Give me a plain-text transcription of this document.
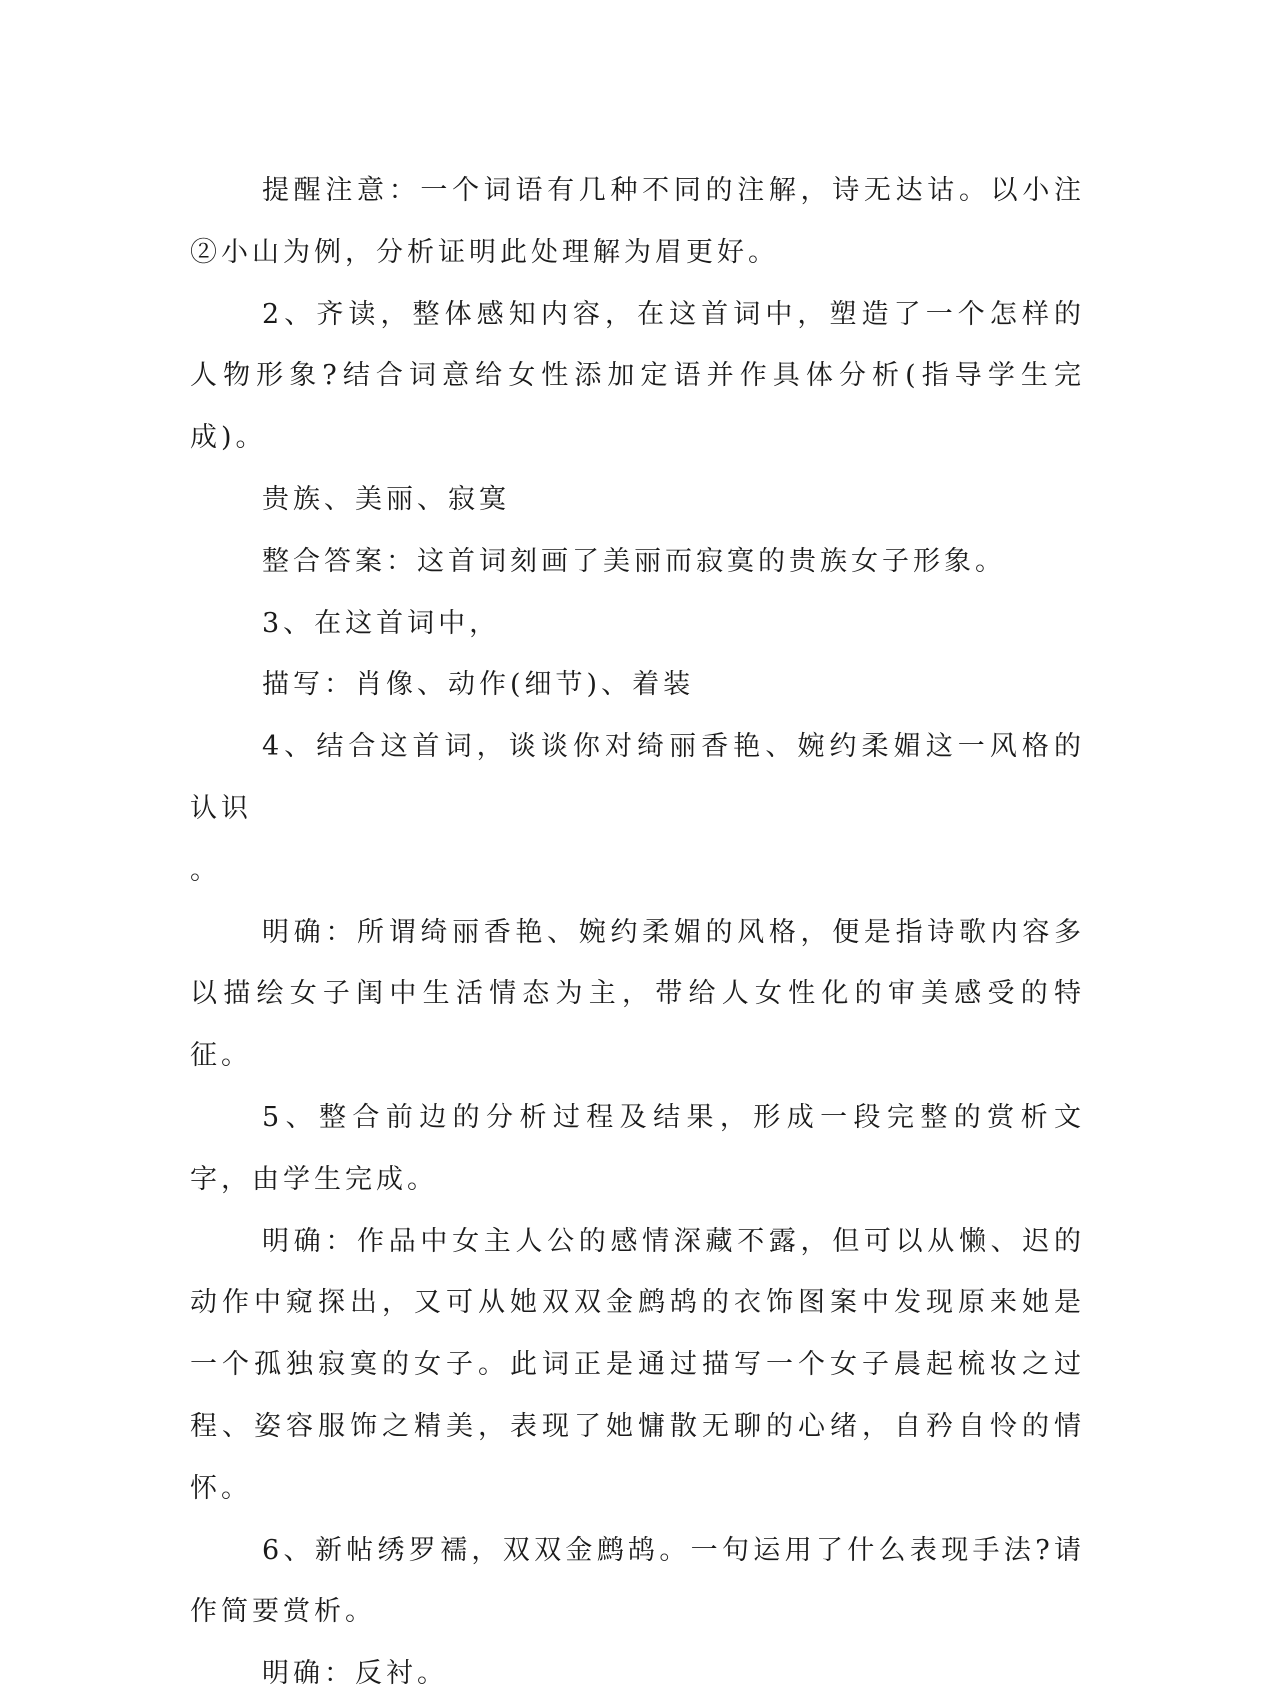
提醒注意：一个词语有几种不同的注解，诗无达诂。以小注②小山为例，分析证明此处理解为眉更好。

2、齐读，整体感知内容，在这首词中，塑造了一个怎样的人物形象?结合词意给女性添加定语并作具体分析(指导学生完成)。

贵族、美丽、寂寞

整合答案：这首词刻画了美丽而寂寞的贵族女子形象。

3、在这首词中，

描写：肖像、动作(细节)、着装

4、结合这首词，谈谈你对绮丽香艳、婉约柔媚这一风格的认识

。

明确：所谓绮丽香艳、婉约柔媚的风格，便是指诗歌内容多以描绘女子闺中生活情态为主，带给人女性化的审美感受的特征。

5、整合前边的分析过程及结果，形成一段完整的赏析文字，由学生完成。

明确：作品中女主人公的感情深藏不露，但可以从懒、迟的动作中窥探出，又可从她双双金鹧鸪的衣饰图案中发现原来她是一个孤独寂寞的女子。此词正是通过描写一个女子晨起梳妆之过程、姿容服饰之精美，表现了她慵散无聊的心绪，自矜自怜的情怀。

6、新帖绣罗襦，双双金鹧鸪。一句运用了什么表现手法?请作简要赏析。

明确：反衬。
